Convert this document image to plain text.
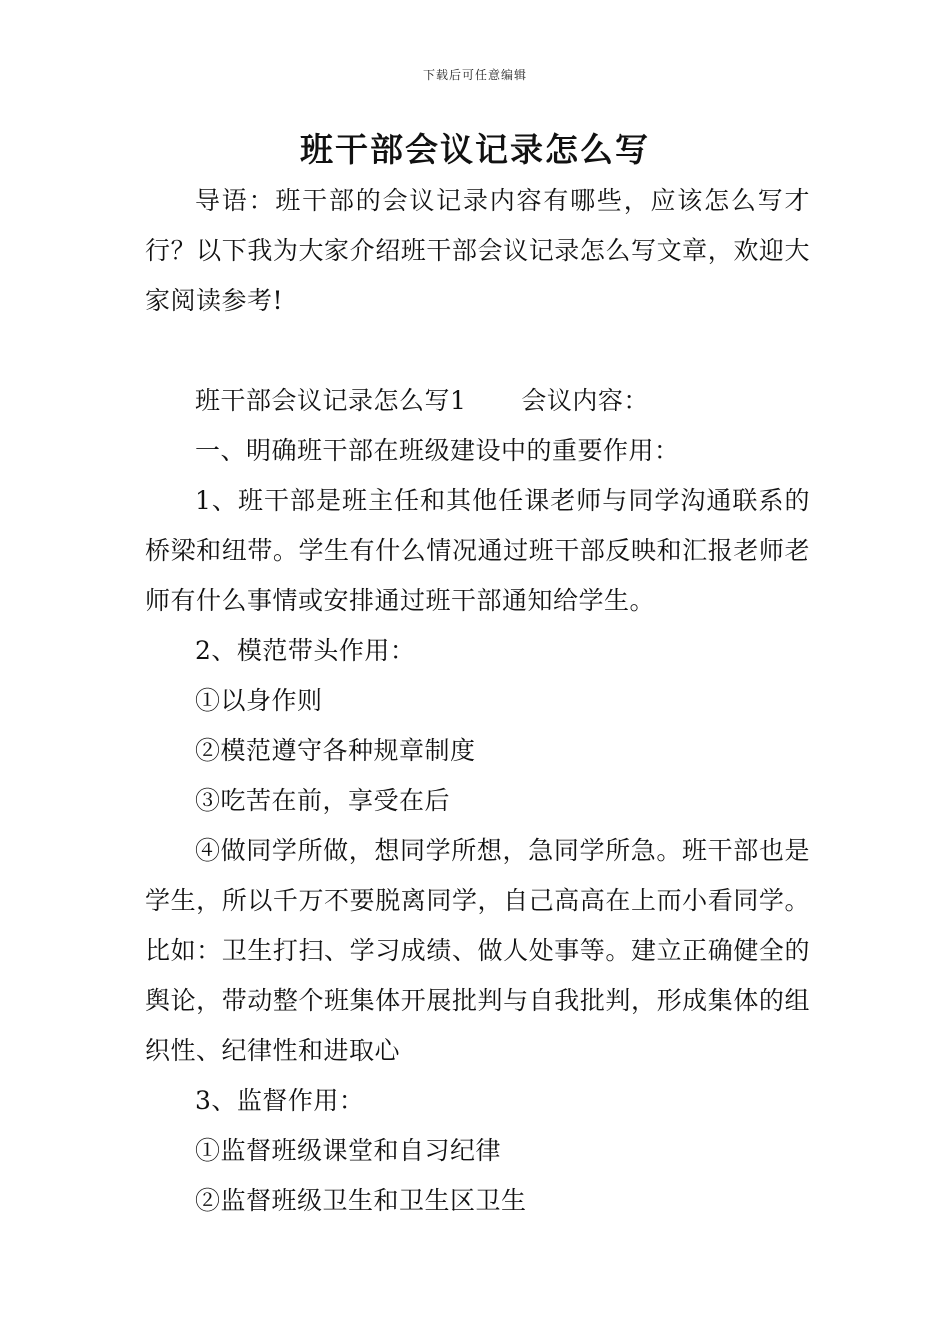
下载后可任意编辑
班干部会议记录怎么写

导语：班干部的会议记录内容有哪些，应该怎么写才行？以下我为大家介绍班干部会议记录怎么写文章，欢迎大家阅读参考!

班干部会议记录怎么写1 会议内容：

一、明确班干部在班级建设中的重要作用：

1、班干部是班主任和其他任课老师与同学沟通联系的桥梁和纽带。学生有什么情况通过班干部反映和汇报老师老师有什么事情或安排通过班干部通知给学生。

2、模范带头作用：

①以身作则

②模范遵守各种规章制度

③吃苦在前，享受在后

④做同学所做，想同学所想，急同学所急。班干部也是学生，所以千万不要脱离同学，自己高高在上而小看同学。比如：卫生打扫、学习成绩、做人处事等。建立正确健全的舆论，带动整个班集体开展批判与自我批判，形成集体的组织性、纪律性和进取心

3、监督作用：

①监督班级课堂和自习纪律

②监督班级卫生和卫生区卫生
